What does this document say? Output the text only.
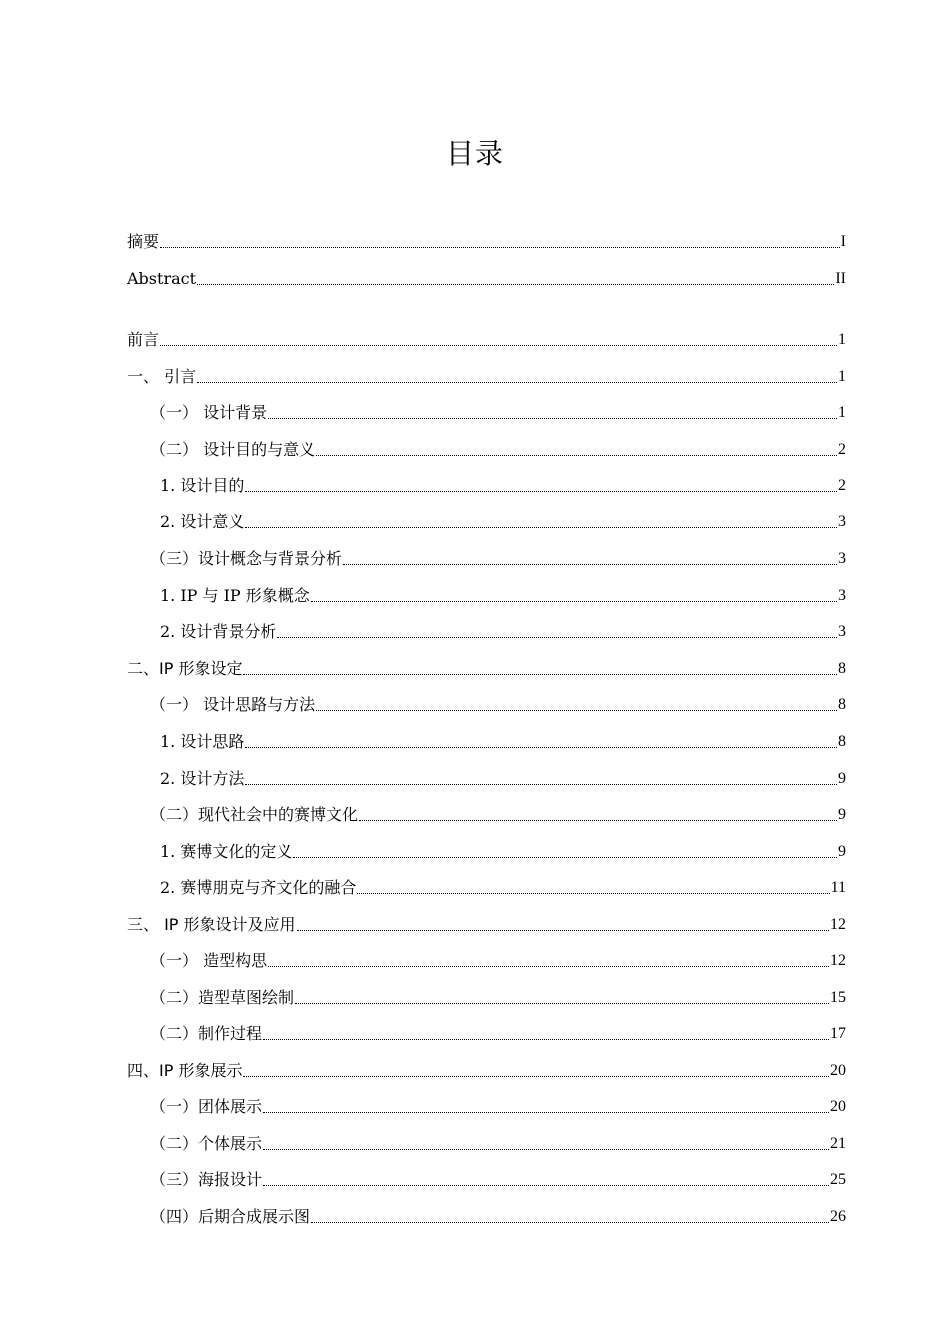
目录
摘要	I
Abstract	II
前言	1
一、 引言	1
（一） 设计背景	1
（二） 设计目的与意义	2
1. 设计目的	2
2. 设计意义	3
（三）设计概念与背景分析	3
1. IP 与 IP 形象概念	3
2. 设计背景分析	3
二、IP 形象设定	8
（一） 设计思路与方法	8
1. 设计思路	8
2. 设计方法	9
（二）现代社会中的赛博文化	9
1. 赛博文化的定义	9
2. 赛博朋克与齐文化的融合	11
三、 IP 形象设计及应用	12
（一） 造型构思	12
（二）造型草图绘制	15
（二）制作过程	17
四、IP 形象展示	20
（一）团体展示	20
（二）个体展示	21
（三）海报设计	25
（四）后期合成展示图	26
